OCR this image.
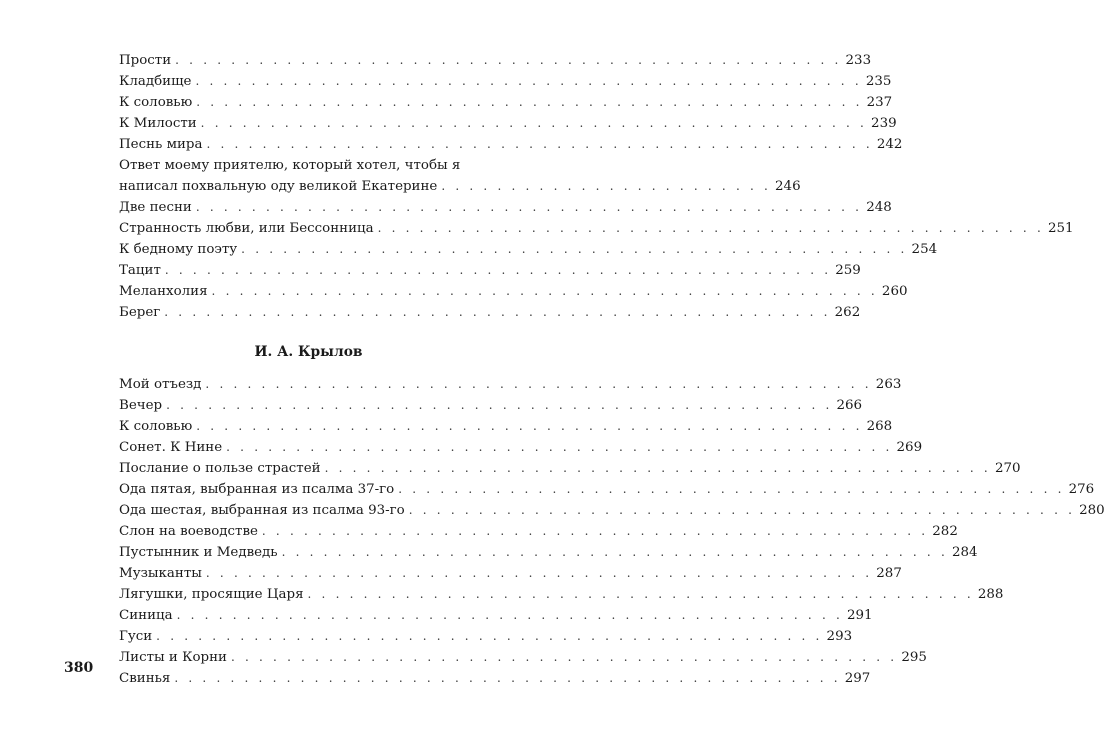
Прости . . . . . . . . . . . . . . . . . . . . . . . . . . . . . . . . . . . . . . . . . . . . . . . . 233
Кладбище . . . . . . . . . . . . . . . . . . . . . . . . . . . . . . . . . . . . . . . . . . . . . . . . 235
К соловью . . . . . . . . . . . . . . . . . . . . . . . . . . . . . . . . . . . . . . . . . . . . . . . . 237
К Милости . . . . . . . . . . . . . . . . . . . . . . . . . . . . . . . . . . . . . . . . . . . . . . . . 239
Песнь мира . . . . . . . . . . . . . . . . . . . . . . . . . . . . . . . . . . . . . . . . . . . . . . . . 242
Ответ моему приятелю, который хотел, чтобы я
написал похвальную оду великой Екатерине . . . . . . . . . . . . . . . . . . . . . . . . 246
Две песни . . . . . . . . . . . . . . . . . . . . . . . . . . . . . . . . . . . . . . . . . . . . . . . . 248
Странность любви, или Бессонница . . . . . . . . . . . . . . . . . . . . . . . . . . . . . . . . . . . . . . . . . . . . . . . . 251
К бедному поэту . . . . . . . . . . . . . . . . . . . . . . . . . . . . . . . . . . . . . . . . . . . . . . . . 254
Тацит . . . . . . . . . . . . . . . . . . . . . . . . . . . . . . . . . . . . . . . . . . . . . . . . 259
Меланхолия . . . . . . . . . . . . . . . . . . . . . . . . . . . . . . . . . . . . . . . . . . . . . . . . 260
Берег . . . . . . . . . . . . . . . . . . . . . . . . . . . . . . . . . . . . . . . . . . . . . . . . 262
И. А. Крылов
Мой отъезд . . . . . . . . . . . . . . . . . . . . . . . . . . . . . . . . . . . . . . . . . . . . . . . . 263
Вечер . . . . . . . . . . . . . . . . . . . . . . . . . . . . . . . . . . . . . . . . . . . . . . . . 266
К соловью . . . . . . . . . . . . . . . . . . . . . . . . . . . . . . . . . . . . . . . . . . . . . . . . 268
Сонет. К Нине . . . . . . . . . . . . . . . . . . . . . . . . . . . . . . . . . . . . . . . . . . . . . . . . 269
Послание о пользе страстей . . . . . . . . . . . . . . . . . . . . . . . . . . . . . . . . . . . . . . . . . . . . . . . . 270
Ода пятая, выбранная из псалма 37-го . . . . . . . . . . . . . . . . . . . . . . . . . . . . . . . . . . . . . . . . . . . . . . . . 276
Ода шестая, выбранная из псалма 93-го . . . . . . . . . . . . . . . . . . . . . . . . . . . . . . . . . . . . . . . . . . . . . . . . 280
Слон на воеводстве . . . . . . . . . . . . . . . . . . . . . . . . . . . . . . . . . . . . . . . . . . . . . . . . 282
Пустынник и Медведь . . . . . . . . . . . . . . . . . . . . . . . . . . . . . . . . . . . . . . . . . . . . . . . . 284
Музыканты . . . . . . . . . . . . . . . . . . . . . . . . . . . . . . . . . . . . . . . . . . . . . . . . 287
Лягушки, просящие Царя . . . . . . . . . . . . . . . . . . . . . . . . . . . . . . . . . . . . . . . . . . . . . . . . 288
Синица . . . . . . . . . . . . . . . . . . . . . . . . . . . . . . . . . . . . . . . . . . . . . . . . 291
Гуси . . . . . . . . . . . . . . . . . . . . . . . . . . . . . . . . . . . . . . . . . . . . . . . . 293
Листы и Корни . . . . . . . . . . . . . . . . . . . . . . . . . . . . . . . . . . . . . . . . . . . . . . . . 295
Свинья . . . . . . . . . . . . . . . . . . . . . . . . . . . . . . . . . . . . . . . . . . . . . . . . 297
380
